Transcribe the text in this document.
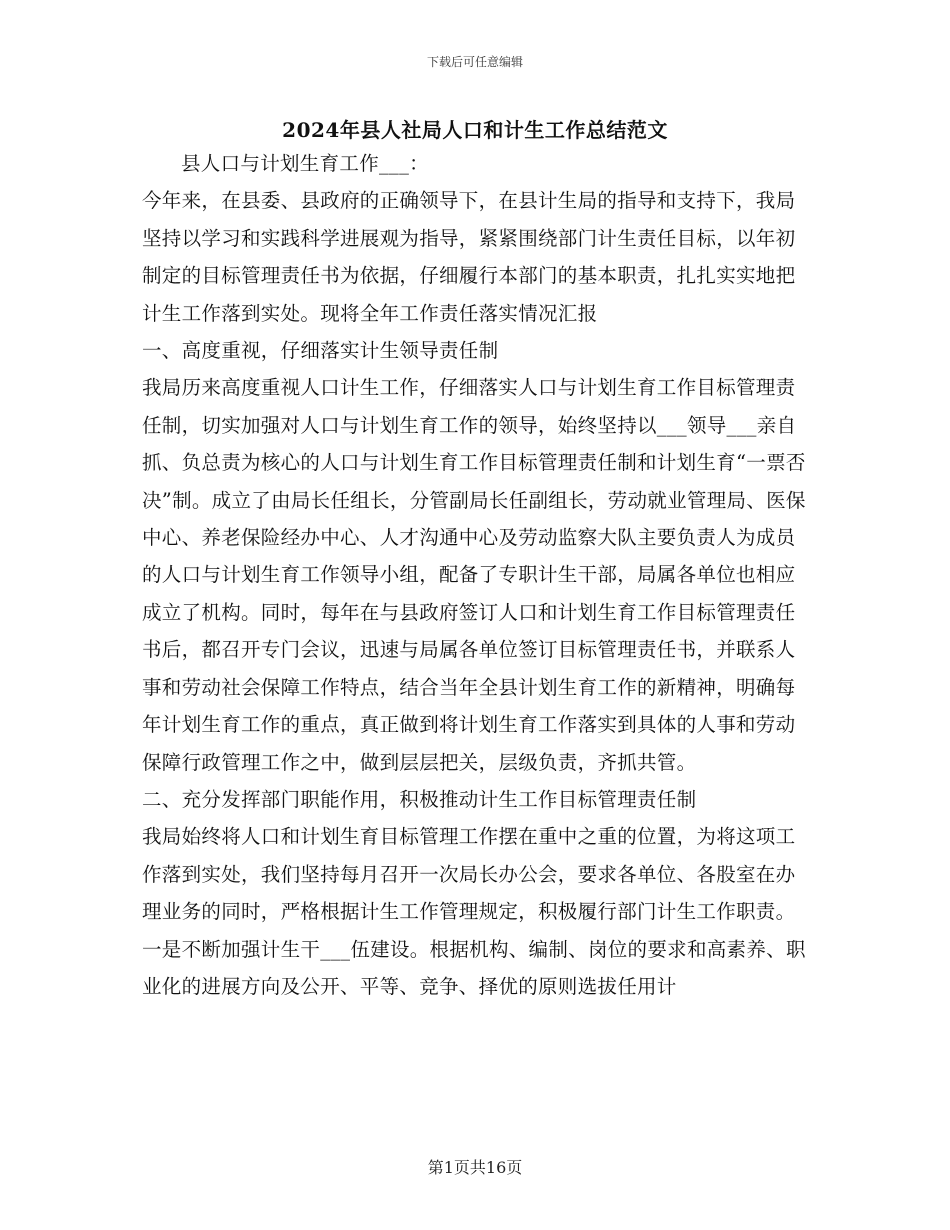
下载后可任意编辑
2024年县人社局人口和计生工作总结范文

县人口与计划生育工作___：

今年来，在县委、县政府的正确领导下，在县计生局的指导和支持下，我局坚持以学习和实践科学进展观为指导，紧紧围绕部门计生责任目标，以年初制定的目标管理责任书为依据，仔细履行本部门的基本职责，扎扎实实地把计生工作落到实处。现将全年工作责任落实情况汇报

一、高度重视，仔细落实计生领导责任制

我局历来高度重视人口计生工作，仔细落实人口与计划生育工作目标管理责任制，切实加强对人口与计划生育工作的领导，始终坚持以___领导___亲自抓、负总责为核心的人口与计划生育工作目标管理责任制和计划生育“一票否决”制。成立了由局长任组长，分管副局长任副组长，劳动就业管理局、医保中心、养老保险经办中心、人才沟通中心及劳动监察大队主要负责人为成员的人口与计划生育工作领导小组，配备了专职计生干部，局属各单位也相应成立了机构。同时，每年在与县政府签订人口和计划生育工作目标管理责任书后，都召开专门会议，迅速与局属各单位签订目标管理责任书，并联系人事和劳动社会保障工作特点，结合当年全县计划生育工作的新精神，明确每年计划生育工作的重点，真正做到将计划生育工作落实到具体的人事和劳动保障行政管理工作之中，做到层层把关，层级负责，齐抓共管。

二、充分发挥部门职能作用，积极推动计生工作目标管理责任制

我局始终将人口和计划生育目标管理工作摆在重中之重的位置，为将这项工作落到实处，我们坚持每月召开一次局长办公会，要求各单位、各股室在办理业务的同时，严格根据计生工作管理规定，积极履行部门计生工作职责。

一是不断加强计生干___伍建设。根据机构、编制、岗位的要求和高素养、职业化的进展方向及公开、平等、竞争、择优的原则选拔任用计

第1页共16页
